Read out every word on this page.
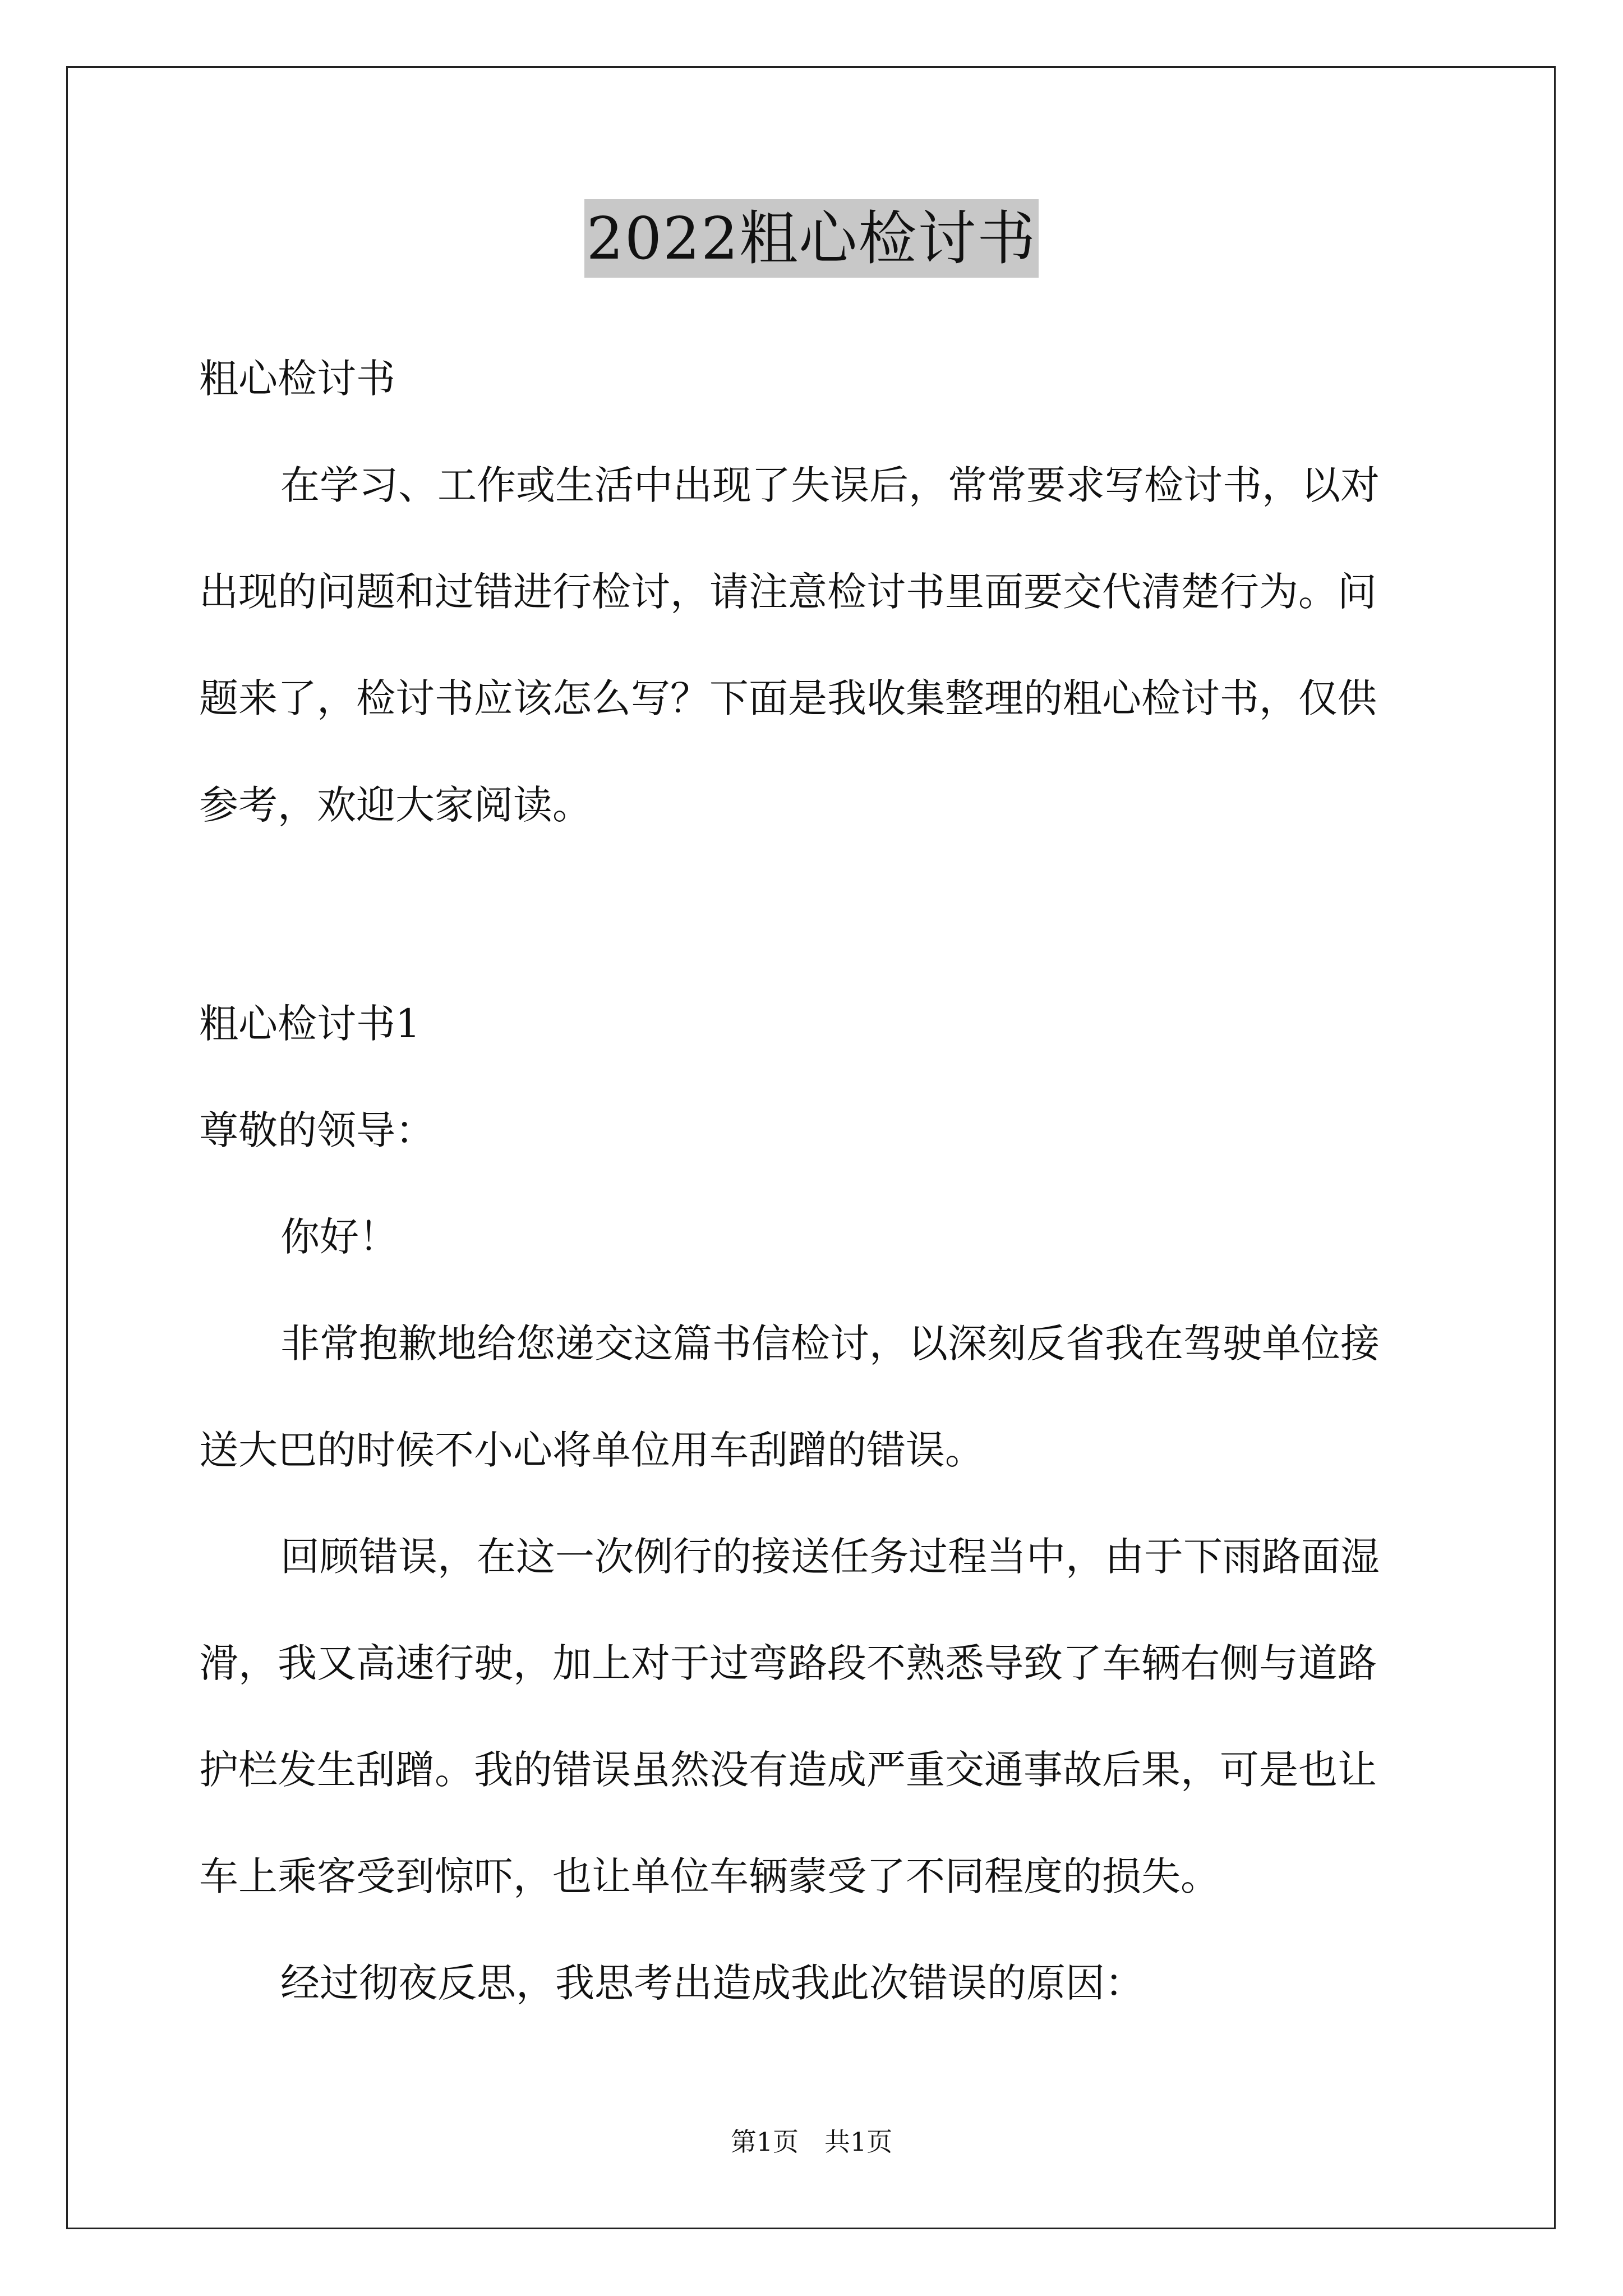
2022粗心检讨书
粗心检讨书
在学习、工作或生活中出现了失误后，常常要求写检讨书，以对
出现的问题和过错进行检讨，请注意检讨书里面要交代清楚行为。问
题来了，检讨书应该怎么写？下面是我收集整理的粗心检讨书，仅供
参考，欢迎大家阅读。
粗心检讨书1
尊敬的领导：
你好！
非常抱歉地给您递交这篇书信检讨，以深刻反省我在驾驶单位接
送大巴的时候不小心将单位用车刮蹭的错误。
回顾错误，在这一次例行的接送任务过程当中，由于下雨路面湿
滑，我又高速行驶，加上对于过弯路段不熟悉导致了车辆右侧与道路
护栏发生刮蹭。我的错误虽然没有造成严重交通事故后果，可是也让
车上乘客受到惊吓，也让单位车辆蒙受了不同程度的损失。
经过彻夜反思，我思考出造成我此次错误的原因：
第1页　共1页
